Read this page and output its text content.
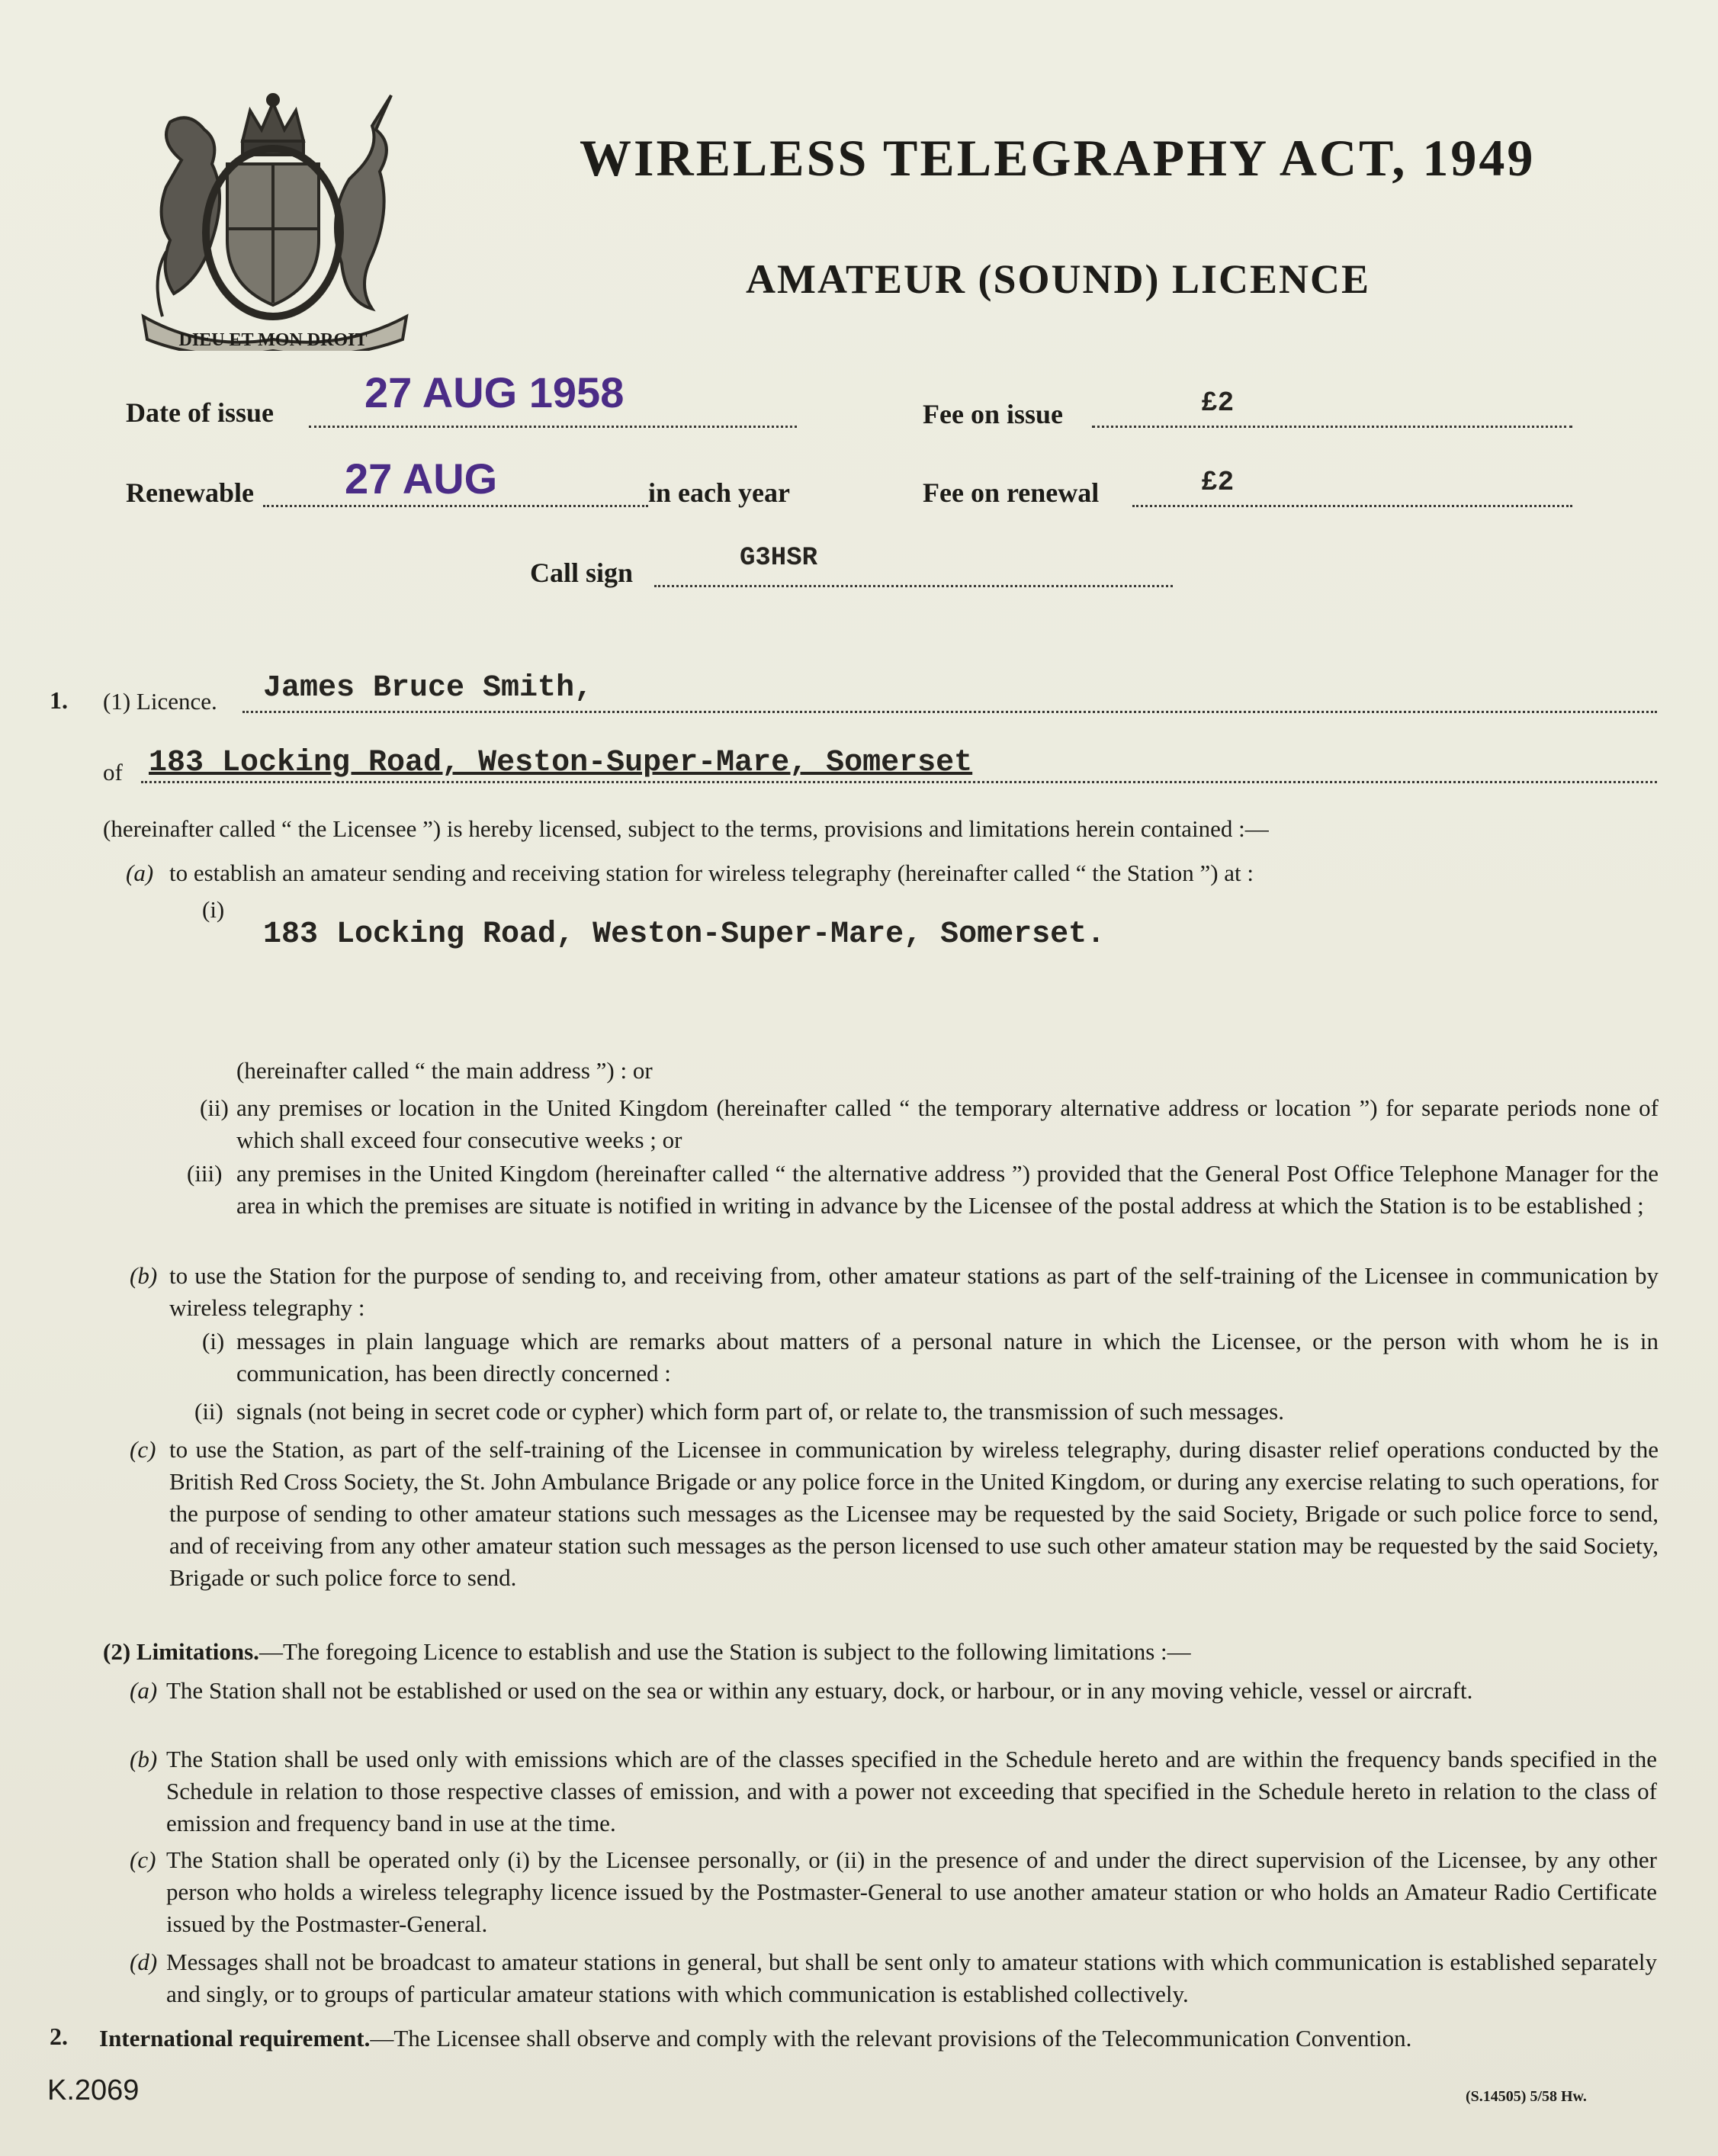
DIEU ET MON DROIT
WIRELESS TELEGRAPHY ACT, 1949
AMATEUR (SOUND) LICENCE
Date of issue 27 AUG 1958	Fee on issue	£2
Renewable 27 AUG	in each year	Fee on renewal	£2
Call sign	G3HSR
1. (1) Licence. James Bruce Smith,
of 183 Locking Road, Weston-Super-Mare, Somerset
(hereinafter called “ the Licensee ”) is hereby licensed, subject to the terms, provisions and limitations herein contained :—
(a) to establish an amateur sending and receiving station for wireless telegraphy (hereinafter called “ the Station ”) at :
(i)
183 Locking Road, Weston-Super-Mare, Somerset.
(hereinafter called “ the main address ”) : or
(ii) any premises or location in the United Kingdom (hereinafter called “ the temporary alternative address or location ”) for separate periods none of which shall exceed four consecutive weeks ; or
(iii) any premises in the United Kingdom (hereinafter called “ the alternative address ”) provided that the General Post Office Telephone Manager for the area in which the premises are situate is notified in writing in advance by the Licensee of the postal address at which the Station is to be established ;
(b) to use the Station for the purpose of sending to, and receiving from, other amateur stations as part of the self-training of the Licensee in communication by wireless telegraphy :
(i) messages in plain language which are remarks about matters of a personal nature in which the Licensee, or the person with whom he is in communication, has been directly concerned :
(ii) signals (not being in secret code or cypher) which form part of, or relate to, the transmission of such messages.
(c) to use the Station, as part of the self-training of the Licensee in communication by wireless telegraphy, during disaster relief operations conducted by the British Red Cross Society, the St. John Ambulance Brigade or any police force in the United Kingdom, or during any exercise relating to such operations, for the purpose of sending to other amateur stations such messages as the Licensee may be requested by the said Society, Brigade or such police force to send, and of receiving from any other amateur station such messages as the person licensed to use such other amateur station may be requested by the said Society, Brigade or such police force to send.
(2) Limitations.—The foregoing Licence to establish and use the Station is subject to the following limitations :—
(a) The Station shall not be established or used on the sea or within any estuary, dock, or harbour, or in any moving vehicle, vessel or aircraft.
(b) The Station shall be used only with emissions which are of the classes specified in the Schedule hereto and are within the frequency bands specified in the Schedule in relation to those respective classes of emission, and with a power not exceeding that specified in the Schedule hereto in relation to the class of emission and frequency band in use at the time.
(c) The Station shall be operated only (i) by the Licensee personally, or (ii) in the presence of and under the direct supervision of the Licensee, by any other person who holds a wireless telegraphy licence issued by the Postmaster-General to use another amateur station or who holds an Amateur Radio Certificate issued by the Postmaster-General.
(d) Messages shall not be broadcast to amateur stations in general, but shall be sent only to amateur stations with which communication is established separately and singly, or to groups of particular amateur stations with which communication is established collectively.
2. International requirement.—The Licensee shall observe and comply with the relevant provisions of the Telecommunication Convention.
K.2069	(S.14505) 5/58 Hw.
